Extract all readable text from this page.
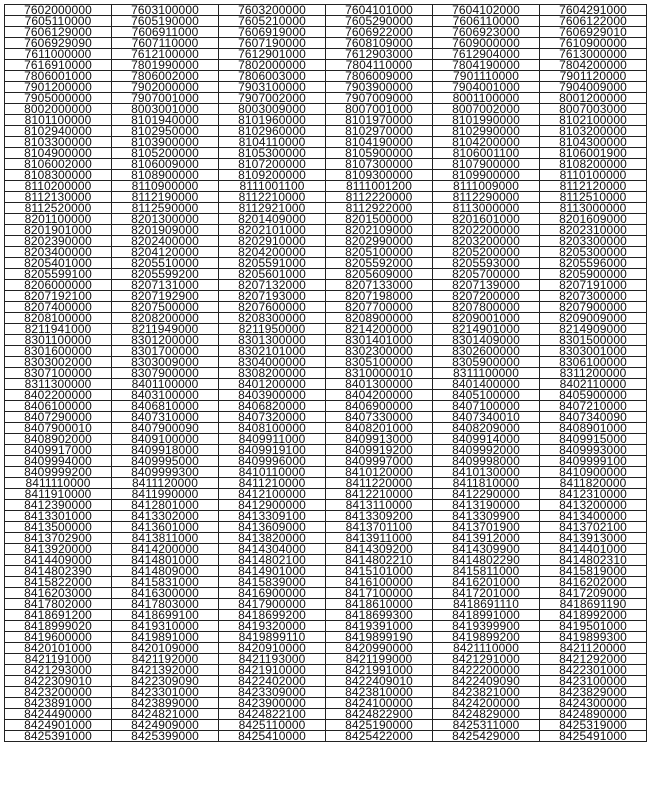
7602000000	7603100000	7603200000	7604101000	7604102000	7604291000
7605110000	7605190000	7605210000	7605290000	7606110000	7606122000
7606129000	7606911000	7606919000	7606922000	7606923000	7606929010
7606929090	7607110000	7607190000	7608109000	7609000000	7610900000
7611000000	7612100000	7612901000	7612903000	7612904000	7613000000
7616910000	7801990000	7802000000	7804110000	7804190000	7804200000
7806001000	7806002000	7806003000	7806009000	7901110000	7901120000
7901200000	7902000000	7903100000	7903900000	7904001000	7904009000
7905000000	7907001000	7907002000	7907009000	8001100000	8001200000
8002000000	8003001000	8003009000	8007001000	8007002000	8007003000
8101100000	8101940000	8101960000	8101970000	8101990000	8102100000
8102940000	8102950000	8102960000	8102970000	8102990000	8103200000
8103300000	8103900000	8104110000	8104190000	8104200000	8104300000
8104900000	8105200000	8105300000	8105900000	8106001100	8106001900
8106002000	8106009000	8107200000	8107300000	8107900000	8108200000
8108300000	8108900000	8109200000	8109300000	8109900000	8110100000
8110200000	8110900000	8111001100	8111001200	8111009000	8112120000
8112130000	8112190000	8112210000	8112220000	8112290000	8112510000
8112520000	8112590000	8112921000	8112922000	8113000000	8113000000
8201100000	8201300000	8201409000	8201500000	8201601000	8201609000
8201901000	8201909000	8202101000	8202109000	8202200000	8202310000
8202390000	8202400000	8202910000	8202990000	8203200000	8203300000
8203400000	8204120000	8204200000	8205100000	8205200000	8205300000
8205401000	8205510000	8205591000	8205592000	8205593000	8205596000
8205599100	8205599200	8205601000	8205609000	8205700000	8205900000
8206000000	8207131000	8207132000	8207133000	8207139000	8207191000
8207192100	8207192900	8207193000	8207198000	8207200000	8207300000
8207400000	8207500000	8207600000	8207700000	8207800000	8207900000
8208100000	8208200000	8208300000	8208900000	8209001000	8209009000
8211941000	8211949000	8211950000	8214200000	8214901000	8214909000
8301100000	8301200000	8301300000	8301401000	8301409000	8301500000
8301600000	8301700000	8302101000	8302300000	8302600000	8303001000
8303002000	8303009000	8304000000	8305100000	8305900000	8306100000
8307100000	8307900000	8308200000	8310000010	8311100000	8311200000
8311300000	8401100000	8401200000	8401300000	8401400000	8402110000
8402200000	8403100000	8403900000	8404200000	8405100000	8405900000
8406100000	8406810000	8406820000	8406900000	8407100000	8407210000
8407290000	8407310000	8407320000	8407330000	8407340010	8407340090
8407900010	8407900090	8408100000	8408201000	8408209000	8408901000
8408902000	8409100000	8409911000	8409913000	8409914000	8409915000
8409917000	8409918000	8409919100	8409919200	8409992000	8409993000
8409994000	8409995000	8409996000	8409997000	8409998000	8409999100
8409999200	8409999300	8410110000	8410120000	8410130000	8410900000
8411110000	8411120000	8411210000	8411220000	8411810000	8411820000
8411910000	8411990000	8412100000	8412210000	8412290000	8412310000
8412390000	8412801000	8412900000	8413110000	8413190000	8413200000
8413301000	8413302000	8413309100	8413309200	8413309900	8413400000
8413500000	8413601000	8413609000	8413701100	8413701900	8413702100
8413702900	8413811000	8413820000	8413911000	8413912000	8413913000
8413920000	8414200000	8414304000	8414309200	8414309900	8414401000
8414409000	8414801000	8414802100	8414802210	8414802290	8414802310
8414802390	8414809000	8414901000	8415101000	8415811000	8415819000
8415822000	8415831000	8415839000	8416100000	8416201000	8416202000
8416203000	8416300000	8416900000	8417100000	8417201000	8417209000
8417802000	8417803000	8417900000	8418610000	8418691110	8418691190
8418691200	8418699100	8418699200	8418699300	8418991000	8418992000
8418999020	8419310000	8419320000	8419391000	8419399900	8419501000
8419600000	8419891000	8419899110	8419899190	8419899200	8419899300
8420101000	8420109000	8420910000	8420990000	8421110000	8421120000
8421191000	8421192000	8421193000	8421199000	8421291000	8421292000
8421293000	8421392000	8421910000	8421991000	8422200000	8422301000
8422309010	8422309090	8422402000	8422409010	8422409090	8423100000
8423200000	8423301000	8423309000	8423810000	8423821000	8423829000
8423891000	8423899000	8423900000	8424100000	8424200000	8424300000
8424490000	8424821000	8424822100	8424822900	8424829000	8424890000
8424901000	8424909000	8425110000	8425190000	8425311000	8425319000
8425391000	8425399000	8425410000	8425422000	8425429000	8425491000
